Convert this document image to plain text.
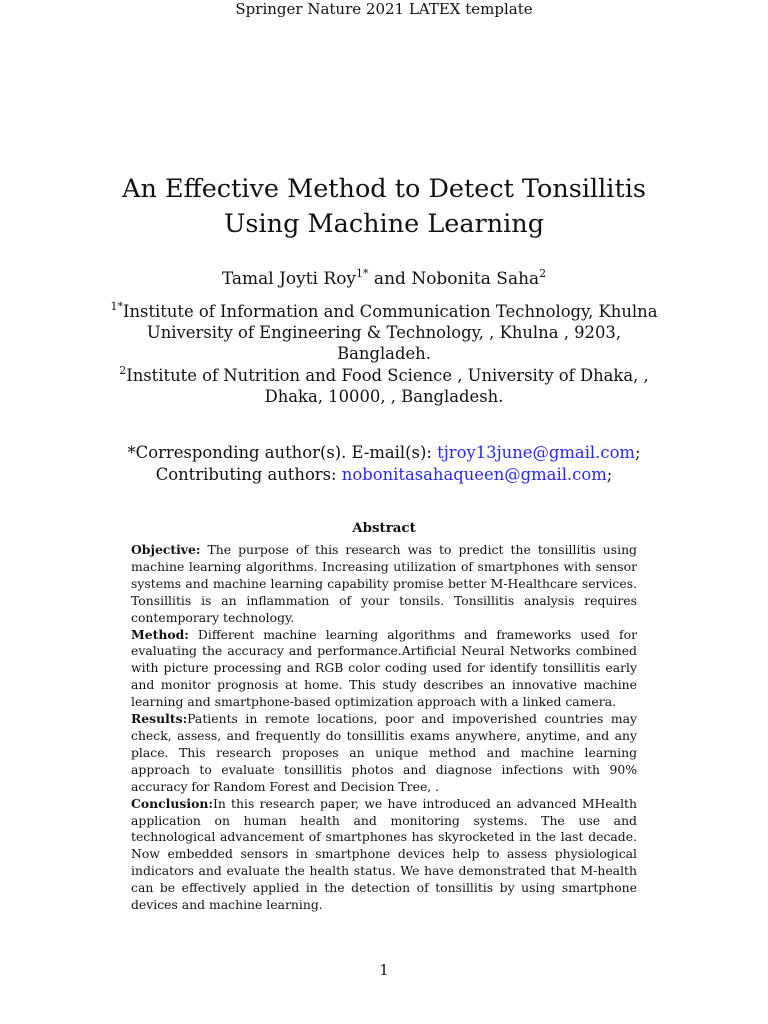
Springer Nature 2021 LATEX template
An Effective Method to Detect Tonsillitis
Using Machine Learning
Tamal Joyti Roy$^{1*}$ and Nobonita Saha$^2$
$^{1*}$Institute of Information and Communication Technology, Khulna University of Engineering & Technology, , Khulna , 9203, Bangladeh.
$^2$Institute of Nutrition and Food Science , University of Dhaka, , Dhaka, 10000, , Bangladesh.
*Corresponding author(s). E-mail(s): tjroy13june@gmail.com;
Contributing authors: nobonitasahaqueen@gmail.com;
Abstract

Objective: The purpose of this research was to predict the tonsillitis using machine learning algorithms. Increasing utilization of smartphones with sensor systems and machine learning capability promise better M-Healthcare services. Tonsillitis is an inflammation of your tonsils. Tonsillitis analysis requires contemporary technology.

Method: Different machine learning algorithms and frameworks used for evaluating the accuracy and performance.Artificial Neural Networks combined with picture processing and RGB color coding used for identify tonsillitis early and monitor prognosis at home. This study describes an innovative machine learning and smartphone-based optimization approach with a linked camera.

Results:Patients in remote locations, poor and impoverished countries may check, assess, and frequently do tonsillitis exams anywhere, anytime, and any place. This research proposes an unique method and machine learning approach to evaluate tonsillitis photos and diagnose infections with 90% accuracy for Random Forest and Decision Tree, .

Conclusion:In this research paper, we have introduced an advanced MHealth application on human health and monitoring systems. The use and technological advancement of smartphones has skyrocketed in the last decade. Now embedded sensors in smartphone devices help to assess physiological indicators and evaluate the health status. We have demonstrated that M-health can be effectively applied in the detection of tonsillitis by using smartphone devices and machine learning.

1
